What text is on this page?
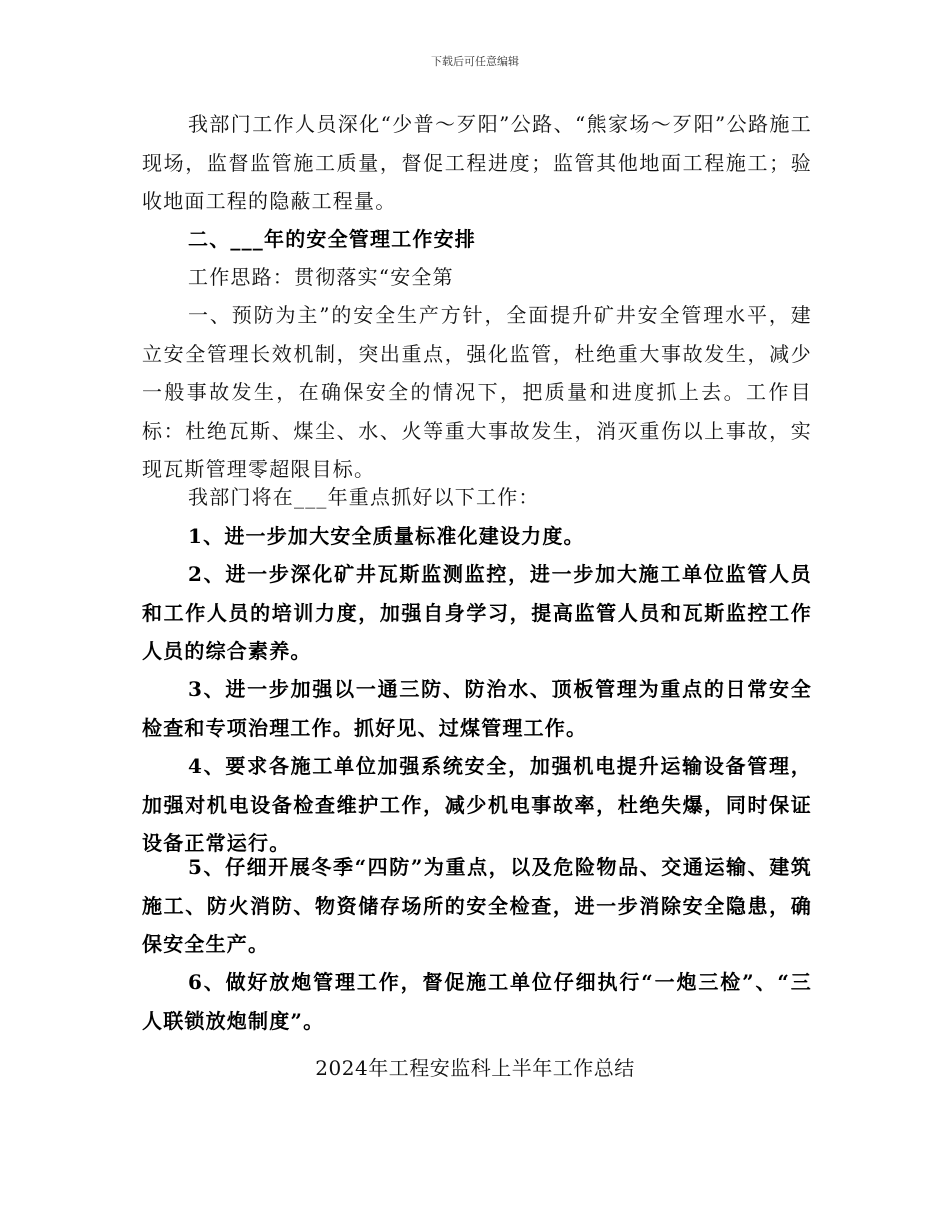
下载后可任意编辑

我部门工作人员深化“少普～歹阳”公路、“熊家场～歹阳”公路施工现场，监督监管施工质量，督促工程进度；监管其他地面工程施工；验收地面工程的隐蔽工程量。

二、___年的安全管理工作安排

工作思路：贯彻落实“安全第

一、预防为主”的安全生产方针，全面提升矿井安全管理水平，建立安全管理长效机制，突出重点，强化监管，杜绝重大事故发生，减少一般事故发生，在确保安全的情况下，把质量和进度抓上去。工作目标：杜绝瓦斯、煤尘、水、火等重大事故发生，消灭重伤以上事故，实现瓦斯管理零超限目标。

我部门将在___年重点抓好以下工作：

1、进一步加大安全质量标准化建设力度。

2、进一步深化矿井瓦斯监测监控，进一步加大施工单位监管人员和工作人员的培训力度，加强自身学习，提高监管人员和瓦斯监控工作人员的综合素养。

3、进一步加强以一通三防、防治水、顶板管理为重点的日常安全检查和专项治理工作。抓好见、过煤管理工作。

4、要求各施工单位加强系统安全，加强机电提升运输设备管理，加强对机电设备检查维护工作，减少机电事故率，杜绝失爆，同时保证设备正常运行。

5、仔细开展冬季“四防”为重点，以及危险物品、交通运输、建筑施工、防火消防、物资储存场所的安全检查，进一步消除安全隐患，确保安全生产。

6、做好放炮管理工作，督促施工单位仔细执行“一炮三检”、“三人联锁放炮制度”。

2024年工程安监科上半年工作总结
